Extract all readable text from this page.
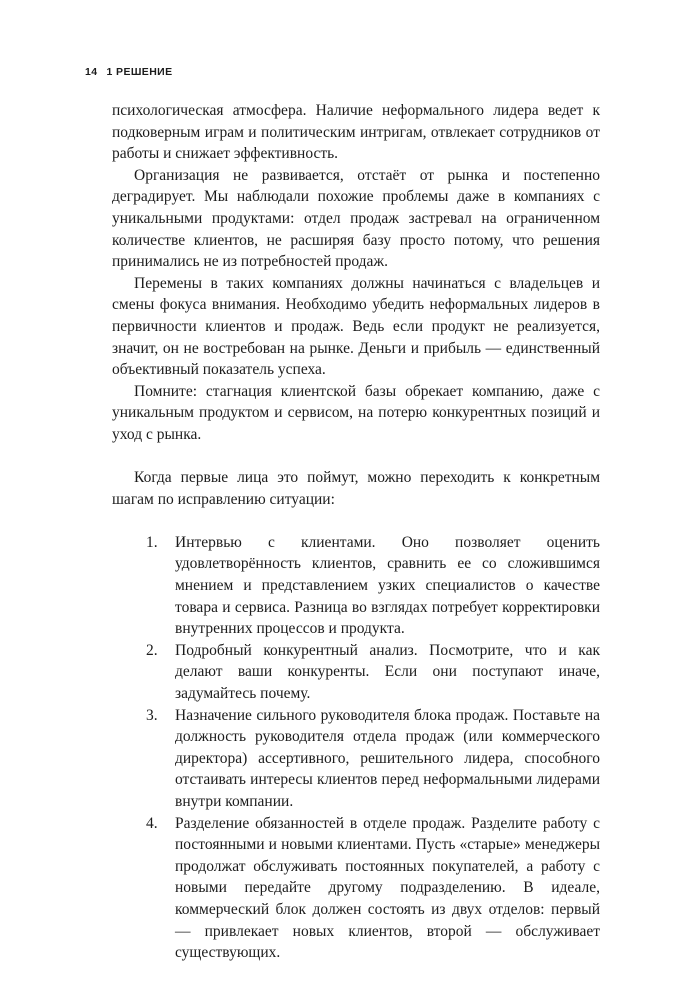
14 1 РЕШЕНИЕ

психологическая атмосфера. Наличие неформального лидера ведет к подковерным играм и политическим интригам, отвлекает сотрудников от работы и снижает эффективность.

Организация не развивается, отстаёт от рынка и постепенно деградирует. Мы наблюдали похожие проблемы даже в компаниях с уникальными продуктами: отдел продаж застревал на ограниченном количестве клиентов, не расширяя базу просто потому, что решения принимались не из потребностей продаж.

Перемены в таких компаниях должны начинаться с владельцев и смены фокуса внимания. Необходимо убедить неформальных лидеров в первичности клиентов и продаж. Ведь если продукт не реализуется, значит, он не востребован на рынке. Деньги и прибыль — единственный объективный показатель успеха.

Помните: стагнация клиентской базы обрекает компанию, даже с уникальным продуктом и сервисом, на потерю конкурентных позиций и уход с рынка.

Когда первые лица это поймут, можно переходить к конкретным шагам по исправлению ситуации:

1. Интервью с клиентами. Оно позволяет оценить удовлетворённость клиентов, сравнить ее со сложившимся мнением и представлением узких специалистов о качестве товара и сервиса. Разница во взглядах потребует корректировки внутренних процессов и продукта.
2. Подробный конкурентный анализ. Посмотрите, что и как делают ваши конкуренты. Если они поступают иначе, задумайтесь почему.
3. Назначение сильного руководителя блока продаж. Поставьте на должность руководителя отдела продаж (или коммерческого директора) ассертивного, решительного лидера, способного отстаивать интересы клиентов перед неформальными лидерами внутри компании.
4. Разделение обязанностей в отделе продаж. Разделите работу с постоянными и новыми клиентами. Пусть «старые» менеджеры продолжат обслуживать постоянных покупателей, а работу с новыми передайте другому подразделению. В идеале, коммерческий блок должен состоять из двух отделов: первый — привлекает новых клиентов, второй — обслуживает существующих.
